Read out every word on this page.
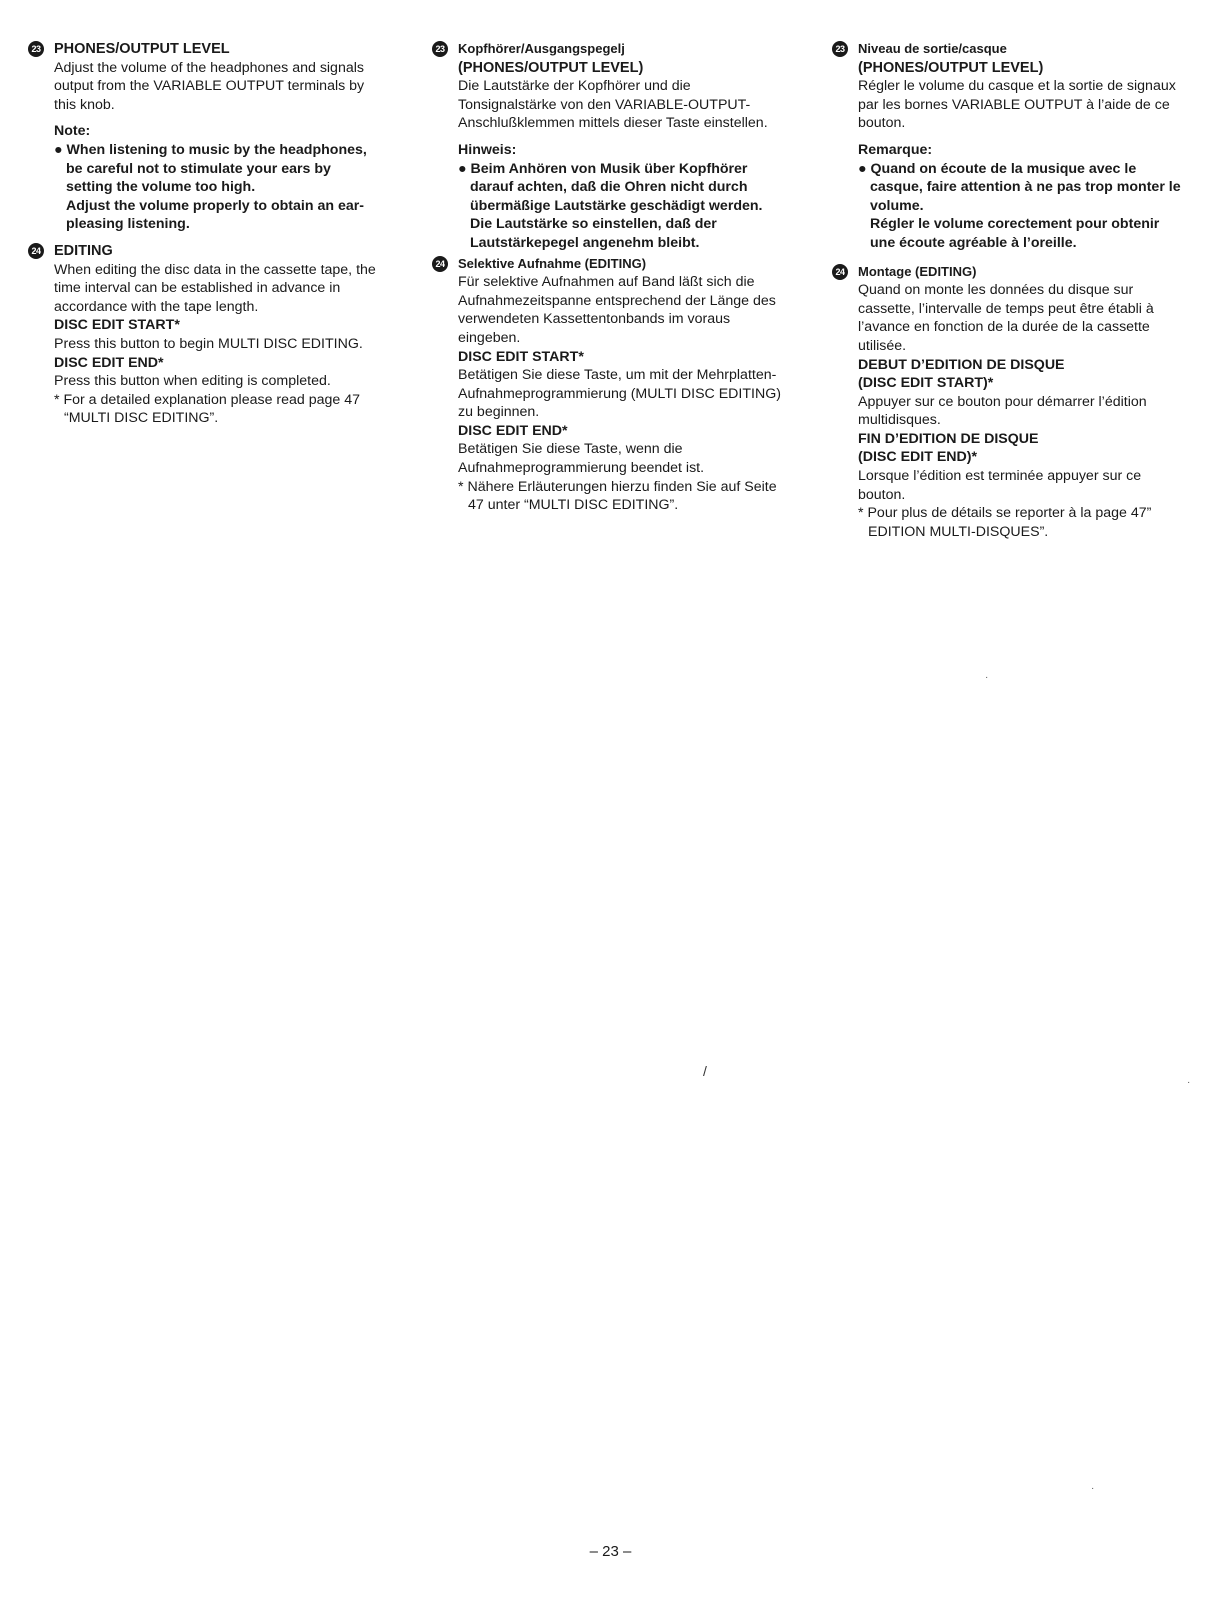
23 PHONES/OUTPUT LEVEL

Adjust the volume of the headphones and signals output from the VARIABLE OUTPUT terminals by this knob.

Note:

● When listening to music by the headphones, be careful not to stimulate your ears by setting the volume too high.

Adjust the volume properly to obtain an ear-pleasing listening.

24 EDITING

When editing the disc data in the cassette tape, the time interval can be established in advance in accordance with the tape length.

DISC EDIT START*

Press this button to begin MULTI DISC EDITING.

DISC EDIT END*

Press this button when editing is completed.

* For a detailed explanation please read page 47 “MULTI DISC EDITING”.

23 Kopfhörer/Ausgangspegelj
(PHONES/OUTPUT LEVEL)

Die Lautstärke der Kopfhörer und die Tonsignalstärke von den VARIABLE-OUTPUT-Anschlußklemmen mittels dieser Taste einstellen.

Hinweis:

● Beim Anhören von Musik über Kopfhörer darauf achten, daß die Ohren nicht durch übermäßige Lautstärke geschädigt werden.

Die Lautstärke so einstellen, daß der Lautstärkepegel angenehm bleibt.

24 Selektive Aufnahme (EDITING)

Für selektive Aufnahmen auf Band läßt sich die Aufnahmezeitspanne entsprechend der Länge des verwendeten Kassettentonbands im voraus eingeben.

DISC EDIT START*

Betätigen Sie diese Taste, um mit der Mehrplatten-Aufnahmeprogrammierung (MULTI DISC EDITING) zu beginnen.

DISC EDIT END*

Betätigen Sie diese Taste, wenn die Aufnahmeprogrammierung beendet ist.

* Nähere Erläuterungen hierzu finden Sie auf Seite 47 unter “MULTI DISC EDITING”.

23 Niveau de sortie/casque
(PHONES/OUTPUT LEVEL)

Régler le volume du casque et la sortie de signaux par les bornes VARIABLE OUTPUT à l’aide de ce bouton.

Remarque:

● Quand on écoute de la musique avec le casque, faire attention à ne pas trop monter le volume.

Régler le volume corectement pour obtenir une écoute agréable à l’oreille.

24 Montage (EDITING)

Quand on monte les données du disque sur cassette, l’intervalle de temps peut être établi à l’avance en fonction de la durée de la cassette utilisée.

DEBUT D’EDITION DE DISQUE
(DISC EDIT START)*

Appuyer sur ce bouton pour démarrer l’édition multidisques.

FIN D’EDITION DE DISQUE
(DISC EDIT END)*

Lorsque l’édition est terminée appuyer sur ce bouton.

* Pour plus de détails se reporter à la page 47” EDITION MULTI-DISQUES”.

·
/
·
·
– 23 –
